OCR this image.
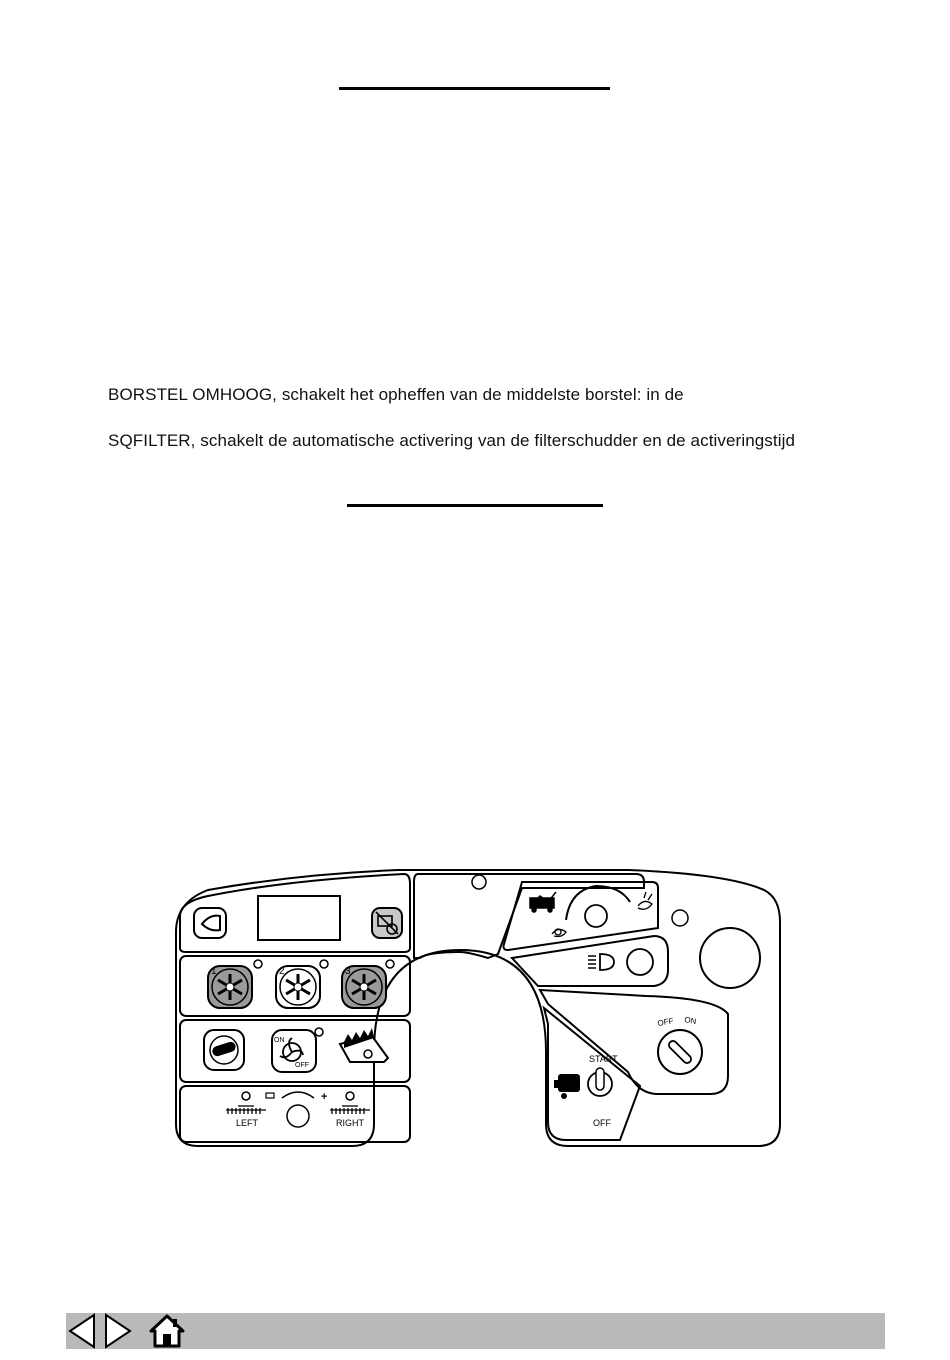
BORSTEL OMHOOG, schakelt het opheffen van de middelste borstel: in de
SQFILTER, schakelt de automatische activering van de filterschudder en de activeringstijd
1	2	3
ON
OFF
LEFT
+
RIGHT
OFF ON
START
OFF
